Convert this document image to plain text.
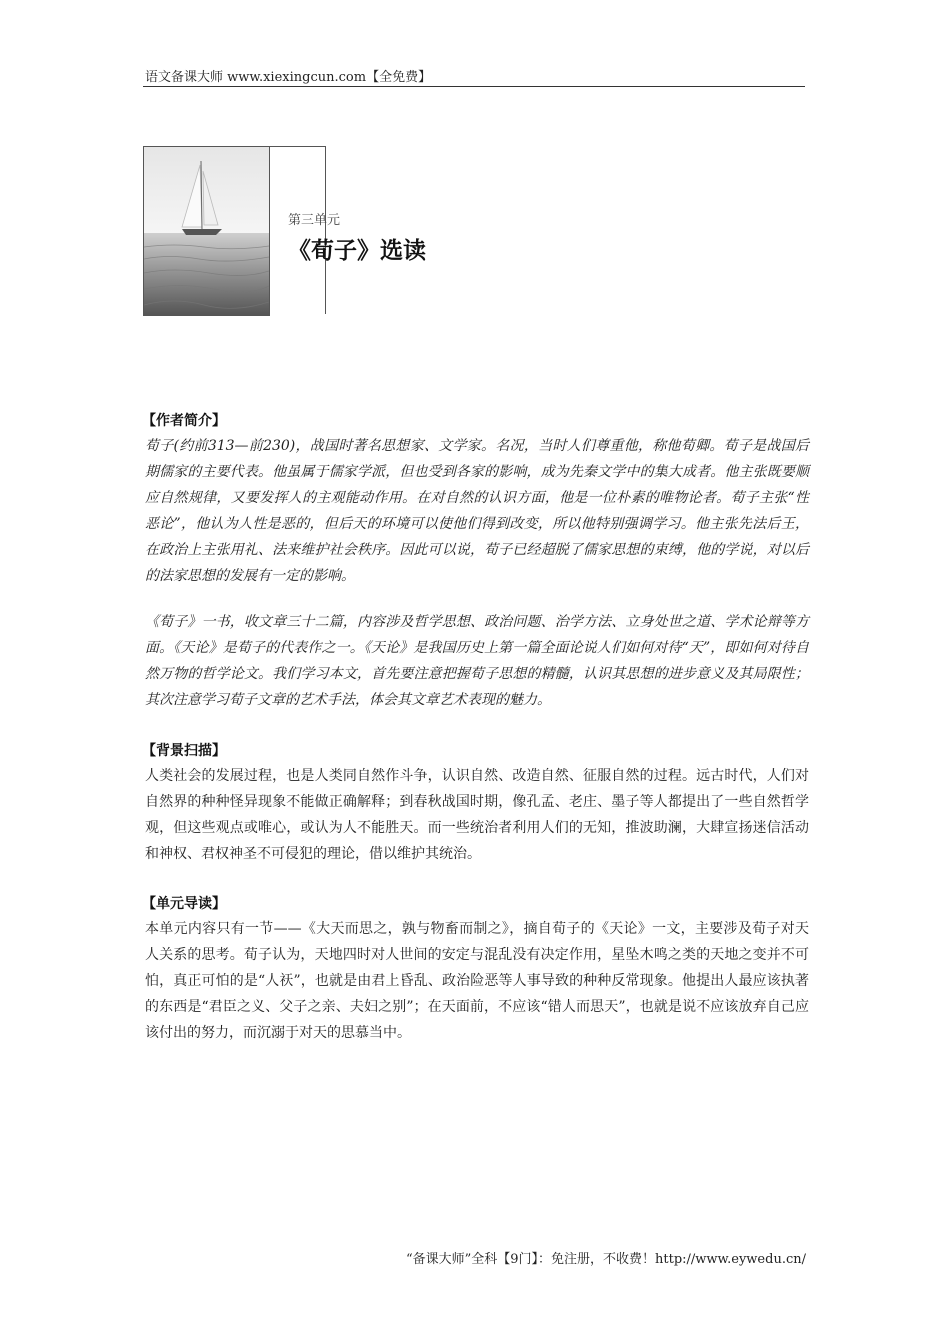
语文备课大师 www.xiexingcun.com【全免费】
第三单元
《荀子》选读
【作者简介】

荀子(约前313—前230)，战国时著名思想家、文学家。名况，当时人们尊重他，称他荀卿。荀子是战国后期儒家的主要代表。他虽属于儒家学派，但也受到各家的影响，成为先秦文学中的集大成者。他主张既要顺应自然规律，又要发挥人的主观能动作用。在对自然的认识方面，他是一位朴素的唯物论者。荀子主张“性恶论”，他认为人性是恶的，但后天的环境可以使他们得到改变，所以他特别强调学习。他主张先法后王，在政治上主张用礼、法来维护社会秩序。因此可以说，荀子已经超脱了儒家思想的束缚，他的学说，对以后的法家思想的发展有一定的影响。

《荀子》一书，收文章三十二篇，内容涉及哲学思想、政治问题、治学方法、立身处世之道、学术论辩等方面。《天论》是荀子的代表作之一。《天论》是我国历史上第一篇全面论说人们如何对待“天”，即如何对待自然万物的哲学论文。我们学习本文，首先要注意把握荀子思想的精髓，认识其思想的进步意义及其局限性；其次注意学习荀子文章的艺术手法，体会其文章艺术表现的魅力。

【背景扫描】

人类社会的发展过程，也是人类同自然作斗争，认识自然、改造自然、征服自然的过程。远古时代，人们对自然界的种种怪异现象不能做正确解释；到春秋战国时期，像孔孟、老庄、墨子等人都提出了一些自然哲学观，但这些观点或唯心，或认为人不能胜天。而一些统治者利用人们的无知，推波助澜，大肆宣扬迷信活动和神权、君权神圣不可侵犯的理论，借以维护其统治。

【单元导读】

本单元内容只有一节——《大天而思之，孰与物畜而制之》，摘自荀子的《天论》一文，主要涉及荀子对天人关系的思考。荀子认为，天地四时对人世间的安定与混乱没有决定作用，星坠木鸣之类的天地之变并不可怕，真正可怕的是“人祆”，也就是由君上昏乱、政治险恶等人事导致的种种反常现象。他提出人最应该执著的东西是“君臣之义、父子之亲、夫妇之别”；在天面前，不应该“错人而思天”，也就是说不应该放弃自己应该付出的努力，而沉溺于对天的思慕当中。

“备课大师”全科【9门】：免注册，不收费！http://www.eywedu.cn/
